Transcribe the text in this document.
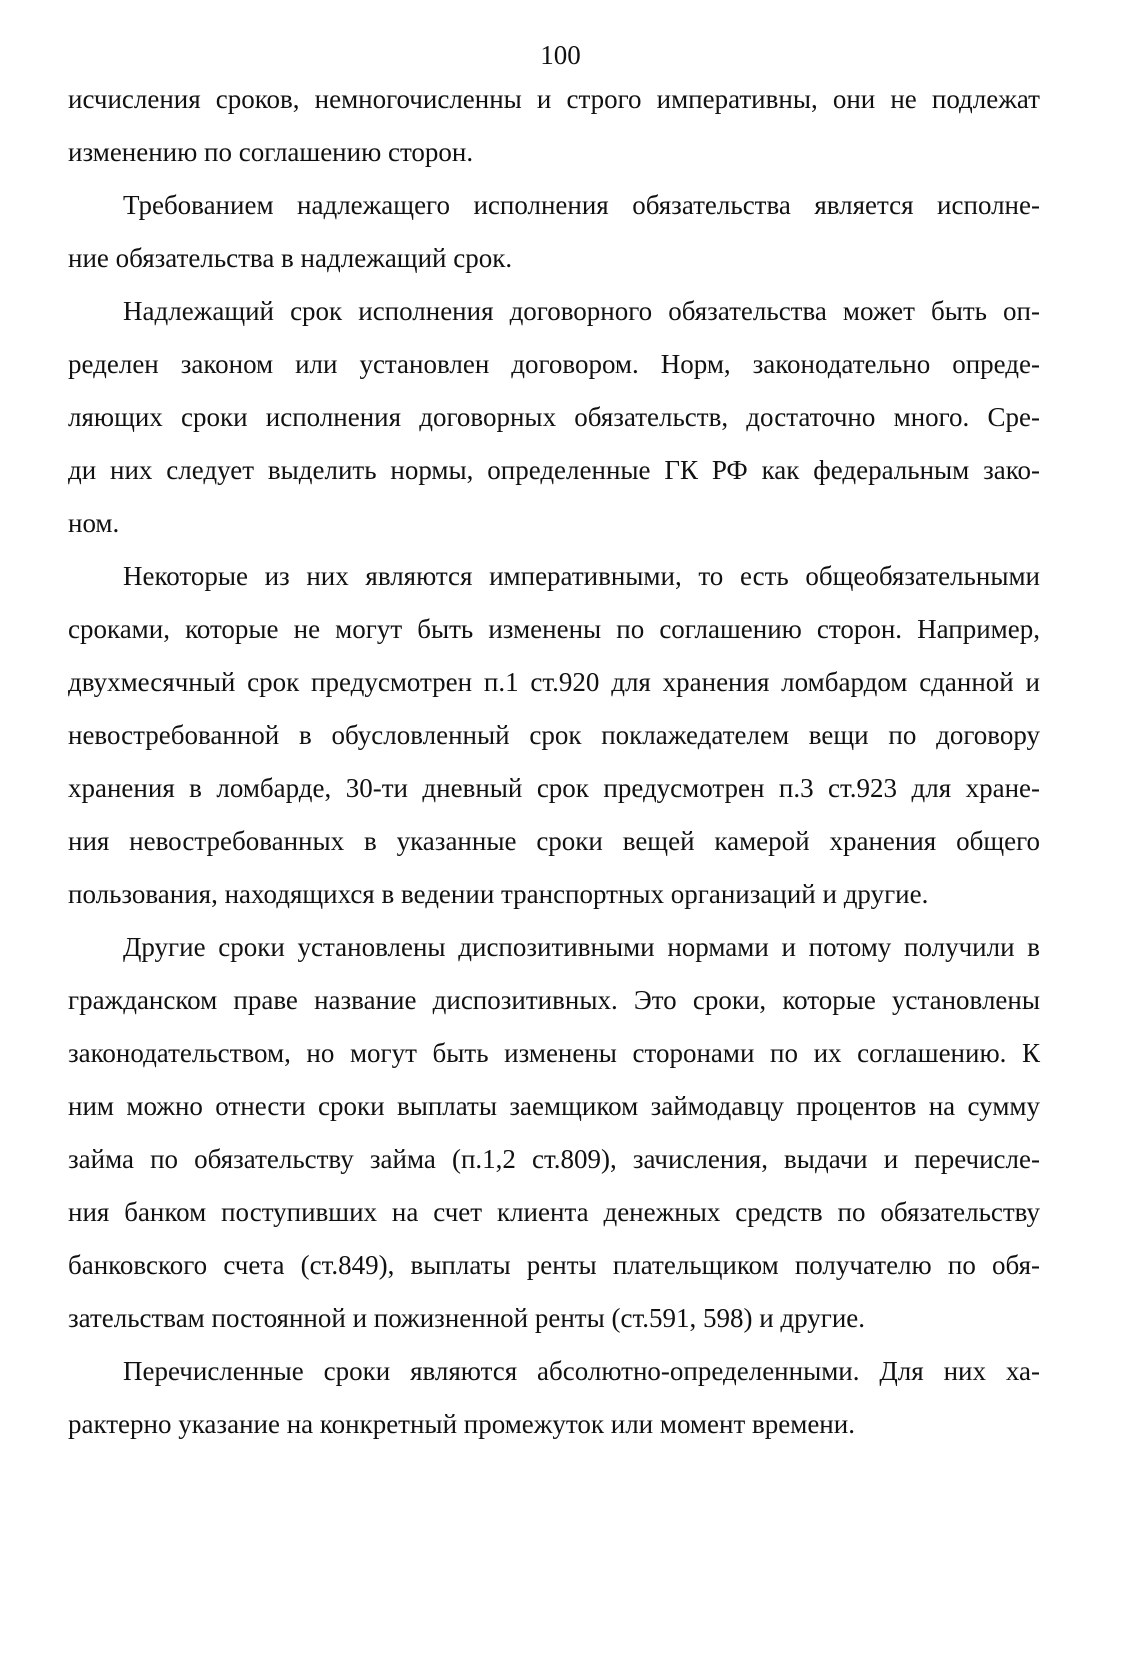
100
исчисления сроков, немногочисленны и строго императивны, они не подлежат
изменению по соглашению сторон.
Требованием надлежащего исполнения обязательства является исполне-
ние обязательства в надлежащий срок.
Надлежащий срок исполнения договорного обязательства может быть оп-
ределен законом или установлен договором. Норм, законодательно опреде-
ляющих сроки исполнения договорных обязательств, достаточно много. Сре-
ди них следует выделить нормы, определенные ГК РФ как федеральным зако-
ном.
Некоторые из них являются императивными, то есть общеобязательными
сроками, которые не могут быть изменены по соглашению сторон. Например,
двухмесячный срок предусмотрен п.1 ст.920 для хранения ломбардом сданной и
невостребованной в обусловленный срок поклажедателем вещи по договору
хранения в ломбарде, 30-ти дневный срок предусмотрен п.3 ст.923 для хране-
ния невостребованных в указанные сроки вещей камерой хранения общего
пользования, находящихся в ведении транспортных организаций и другие.
Другие сроки установлены диспозитивными нормами и потому получили в
гражданском праве название диспозитивных. Это сроки, которые установлены
законодательством, но могут быть изменены сторонами по их соглашению. К
ним можно отнести сроки выплаты заемщиком займодавцу процентов на сумму
займа по обязательству займа (п.1,2 ст.809), зачисления, выдачи и перечисле-
ния банком поступивших на счет клиента денежных средств по обязательству
банковского счета (ст.849), выплаты ренты плательщиком получателю по обя-
зательствам постоянной и пожизненной ренты (ст.591, 598) и другие.
Перечисленные сроки являются абсолютно-определенными. Для них ха-
рактерно указание на конкретный промежуток или момент времени.
